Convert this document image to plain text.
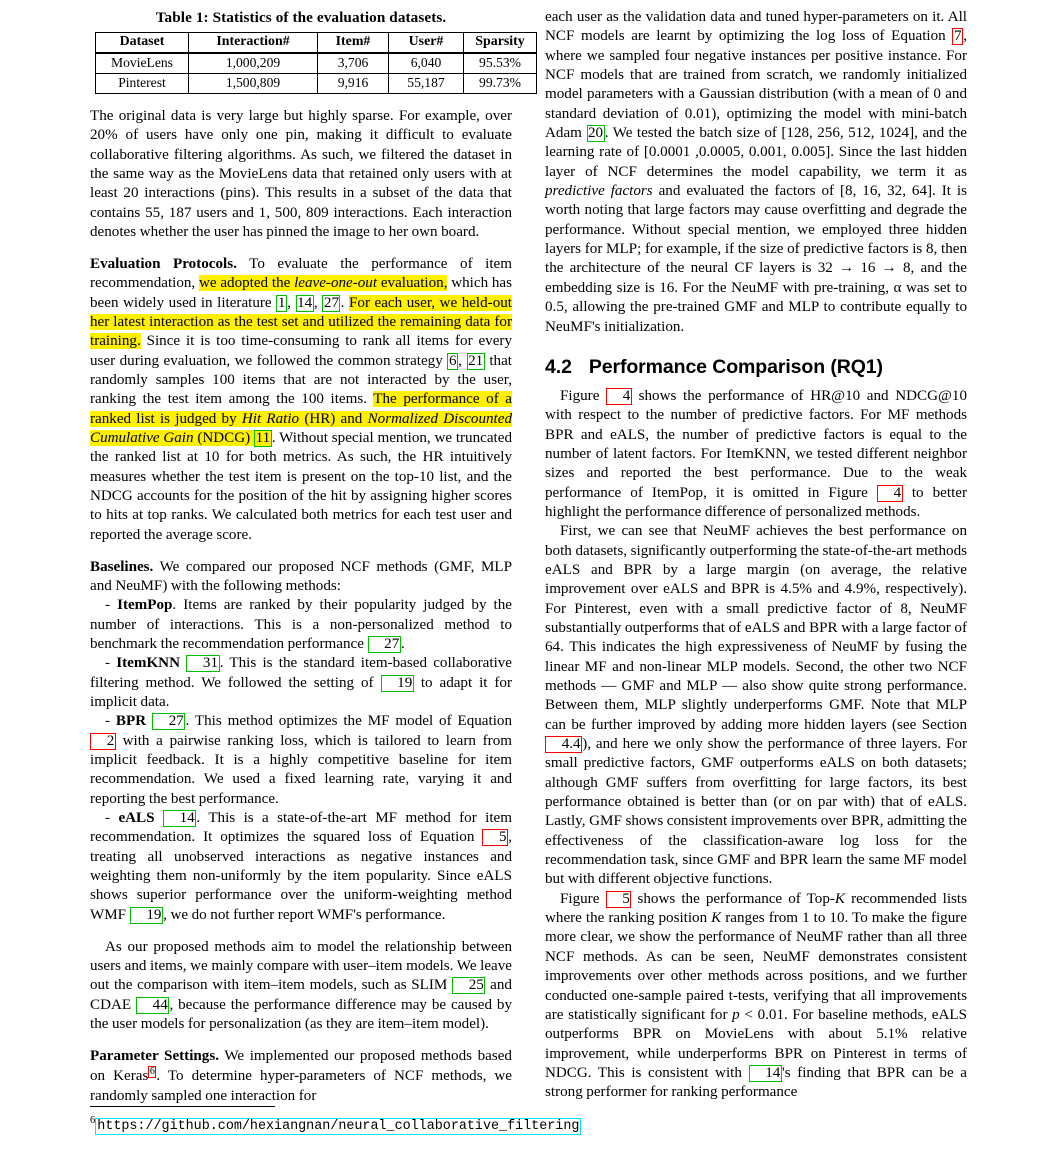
Table 1: Statistics of the evaluation datasets.
Dataset	Interaction#	Item#	User#	Sparsity
MovieLens	1,000,209	3,706	6,040	95.53%
Pinterest	1,500,809	9,916	55,187	99.73%

The original data is very large but highly sparse. For example, over 20% of users have only one pin, making it difficult to evaluate collaborative filtering algorithms. As such, we filtered the dataset in the same way as the MovieLens data that retained only users with at least 20 interactions (pins). This results in a subset of the data that contains 55, 187 users and 1, 500, 809 interactions. Each interaction denotes whether the user has pinned the image to her own board.

Evaluation Protocols. To evaluate the performance of item recommendation, we adopted the leave-one-out evaluation, which has been widely used in literature 1 , 14 , 27 . For each user, we held-out her latest interaction as the test set and utilized the remaining data for training. Since it is too time-consuming to rank all items for every user during evaluation, we followed the common strategy 6 , 21 that randomly samples 100 items that are not interacted by the user, ranking the test item among the 100 items. The performance of a ranked list is judged by Hit Ratio (HR) and Normalized Discounted Cumulative Gain (NDCG) 11 . Without special mention, we truncated the ranked list at 10 for both metrics. As such, the HR intuitively measures whether the test item is present on the top-10 list, and the NDCG accounts for the position of the hit by assigning higher scores to hits at top ranks. We calculated both metrics for each test user and reported the average score.

Baselines. We compared our proposed NCF methods (GMF, MLP and NeuMF) with the following methods:

- ItemPop. Items are ranked by their popularity judged by the number of interactions. This is a non-personalized method to benchmark the recommendation performance 27 .

- ItemKNN 31 . This is the standard item-based collaborative filtering method. We followed the setting of 19 to adapt it for implicit data.

- BPR 27 . This method optimizes the MF model of Equation 2 with a pairwise ranking loss, which is tailored to learn from implicit feedback. It is a highly competitive baseline for item recommendation. We used a fixed learning rate, varying it and reporting the best performance.

- eALS 14 . This is a state-of-the-art MF method for item recommendation. It optimizes the squared loss of Equation 5 , treating all unobserved interactions as negative instances and weighting them non-uniformly by the item popularity. Since eALS shows superior performance over the uniform-weighting method WMF 19 , we do not further report WMF's performance.

As our proposed methods aim to model the relationship between users and items, we mainly compare with user–item models. We leave out the comparison with item–item models, such as SLIM 25 and CDAE 44 , because the performance difference may be caused by the user models for personalization (as they are item–item model).

Parameter Settings. We implemented our proposed methods based on Keras 6. To determine hyper-parameters of NCF methods, we randomly sampled one interaction for

each user as the validation data and tuned hyper-parameters on it. All NCF models are learnt by optimizing the log loss of Equation 7 , where we sampled four negative instances per positive instance. For NCF models that are trained from scratch, we randomly initialized model parameters with a Gaussian distribution (with a mean of 0 and standard deviation of 0.01), optimizing the model with mini-batch Adam 20 . We tested the batch size of [128, 256, 512, 1024], and the learning rate of [0.0001 ,0.0005, 0.001, 0.005]. Since the last hidden layer of NCF determines the model capability, we term it as predictive factors and evaluated the factors of [8, 16, 32, 64]. It is worth noting that large factors may cause overfitting and degrade the performance. Without special mention, we employed three hidden layers for MLP; for example, if the size of predictive factors is 8, then the architecture of the neural CF layers is 32 → 16 → 8, and the embedding size is 16. For the NeuMF with pre-training, α was set to 0.5, allowing the pre-trained GMF and MLP to contribute equally to NeuMF's initialization.

4.2 Performance Comparison (RQ1)

Figure 4 shows the performance of HR@10 and NDCG@10 with respect to the number of predictive factors. For MF methods BPR and eALS, the number of predictive factors is equal to the number of latent factors. For ItemKNN, we tested different neighbor sizes and reported the best performance. Due to the weak performance of ItemPop, it is omitted in Figure 4 to better highlight the performance difference of personalized methods.

First, we can see that NeuMF achieves the best performance on both datasets, significantly outperforming the state-of-the-art methods eALS and BPR by a large margin (on average, the relative improvement over eALS and BPR is 4.5% and 4.9%, respectively). For Pinterest, even with a small predictive factor of 8, NeuMF substantially outperforms that of eALS and BPR with a large factor of 64. This indicates the high expressiveness of NeuMF by fusing the linear MF and non-linear MLP models. Second, the other two NCF methods — GMF and MLP — also show quite strong performance. Between them, MLP slightly underperforms GMF. Note that MLP can be further improved by adding more hidden layers (see Section 4.4 ), and here we only show the performance of three layers. For small predictive factors, GMF outperforms eALS on both datasets; although GMF suffers from overfitting for large factors, its best performance obtained is better than (or on par with) that of eALS. Lastly, GMF shows consistent improvements over BPR, admitting the effectiveness of the classification-aware log loss for the recommendation task, since GMF and BPR learn the same MF model but with different objective functions.

Figure 5 shows the performance of Top-K recommended lists where the ranking position K ranges from 1 to 10. To make the figure more clear, we show the performance of NeuMF rather than all three NCF methods. As can be seen, NeuMF demonstrates consistent improvements over other methods across positions, and we further conducted one-sample paired t-tests, verifying that all improvements are statistically significant for p < 0.01. For baseline methods, eALS outperforms BPR on MovieLens with about 5.1% relative improvement, while underperforms BPR on Pinterest in terms of NDCG. This is consistent with 14 's finding that BPR can be a strong performer for ranking performance

$^6$ https://github.com/hexiangnan/neural_collaborative_filtering
